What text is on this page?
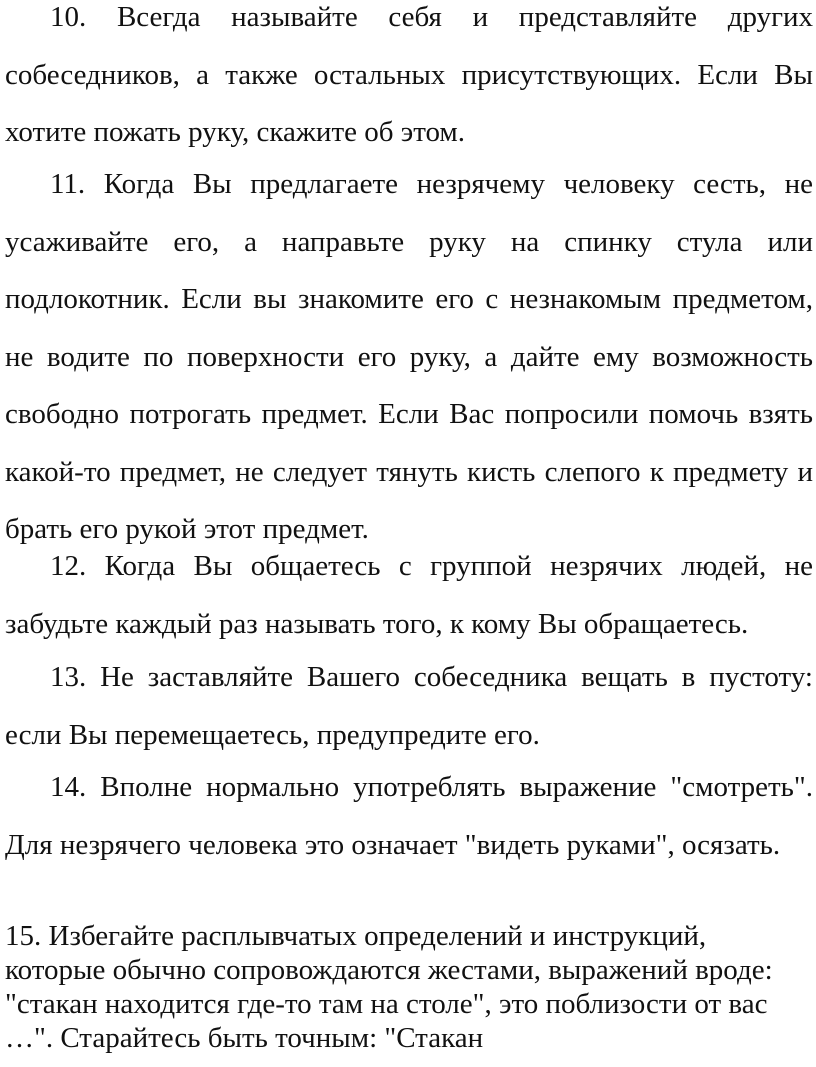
10. Всегда называйте себя и представляйте других собеседников, а также остальных присутствующих. Если Вы хотите пожать руку, скажите об этом.

11. Когда Вы предлагаете незрячему человеку сесть, не усаживайте его, а направьте руку на спинку стула или подлокотник. Если вы знакомите его с незнакомым предметом, не водите по поверхности его руку, а дайте ему возможность свободно потрогать предмет. Если Вас попросили помочь взять какой-то предмет, не следует тянуть кисть слепого к предмету и брать его рукой этот предмет.

12. Когда Вы общаетесь с группой незрячих людей, не забудьте каждый раз называть того, к кому Вы обращаетесь.

13. Не заставляйте Вашего собеседника вещать в пустоту: если Вы перемещаетесь, предупредите его.

14. Вполне нормально употреблять выражение "смотреть". Для незрячего человека это означает "видеть руками", осязать.

15. Избегайте расплывчатых определений и инструкций, которые обычно сопровождаются жестами, выражений вроде: "стакан находится где-то там на столе", это поблизости от вас …". Старайтесь быть точным: "Стакан
